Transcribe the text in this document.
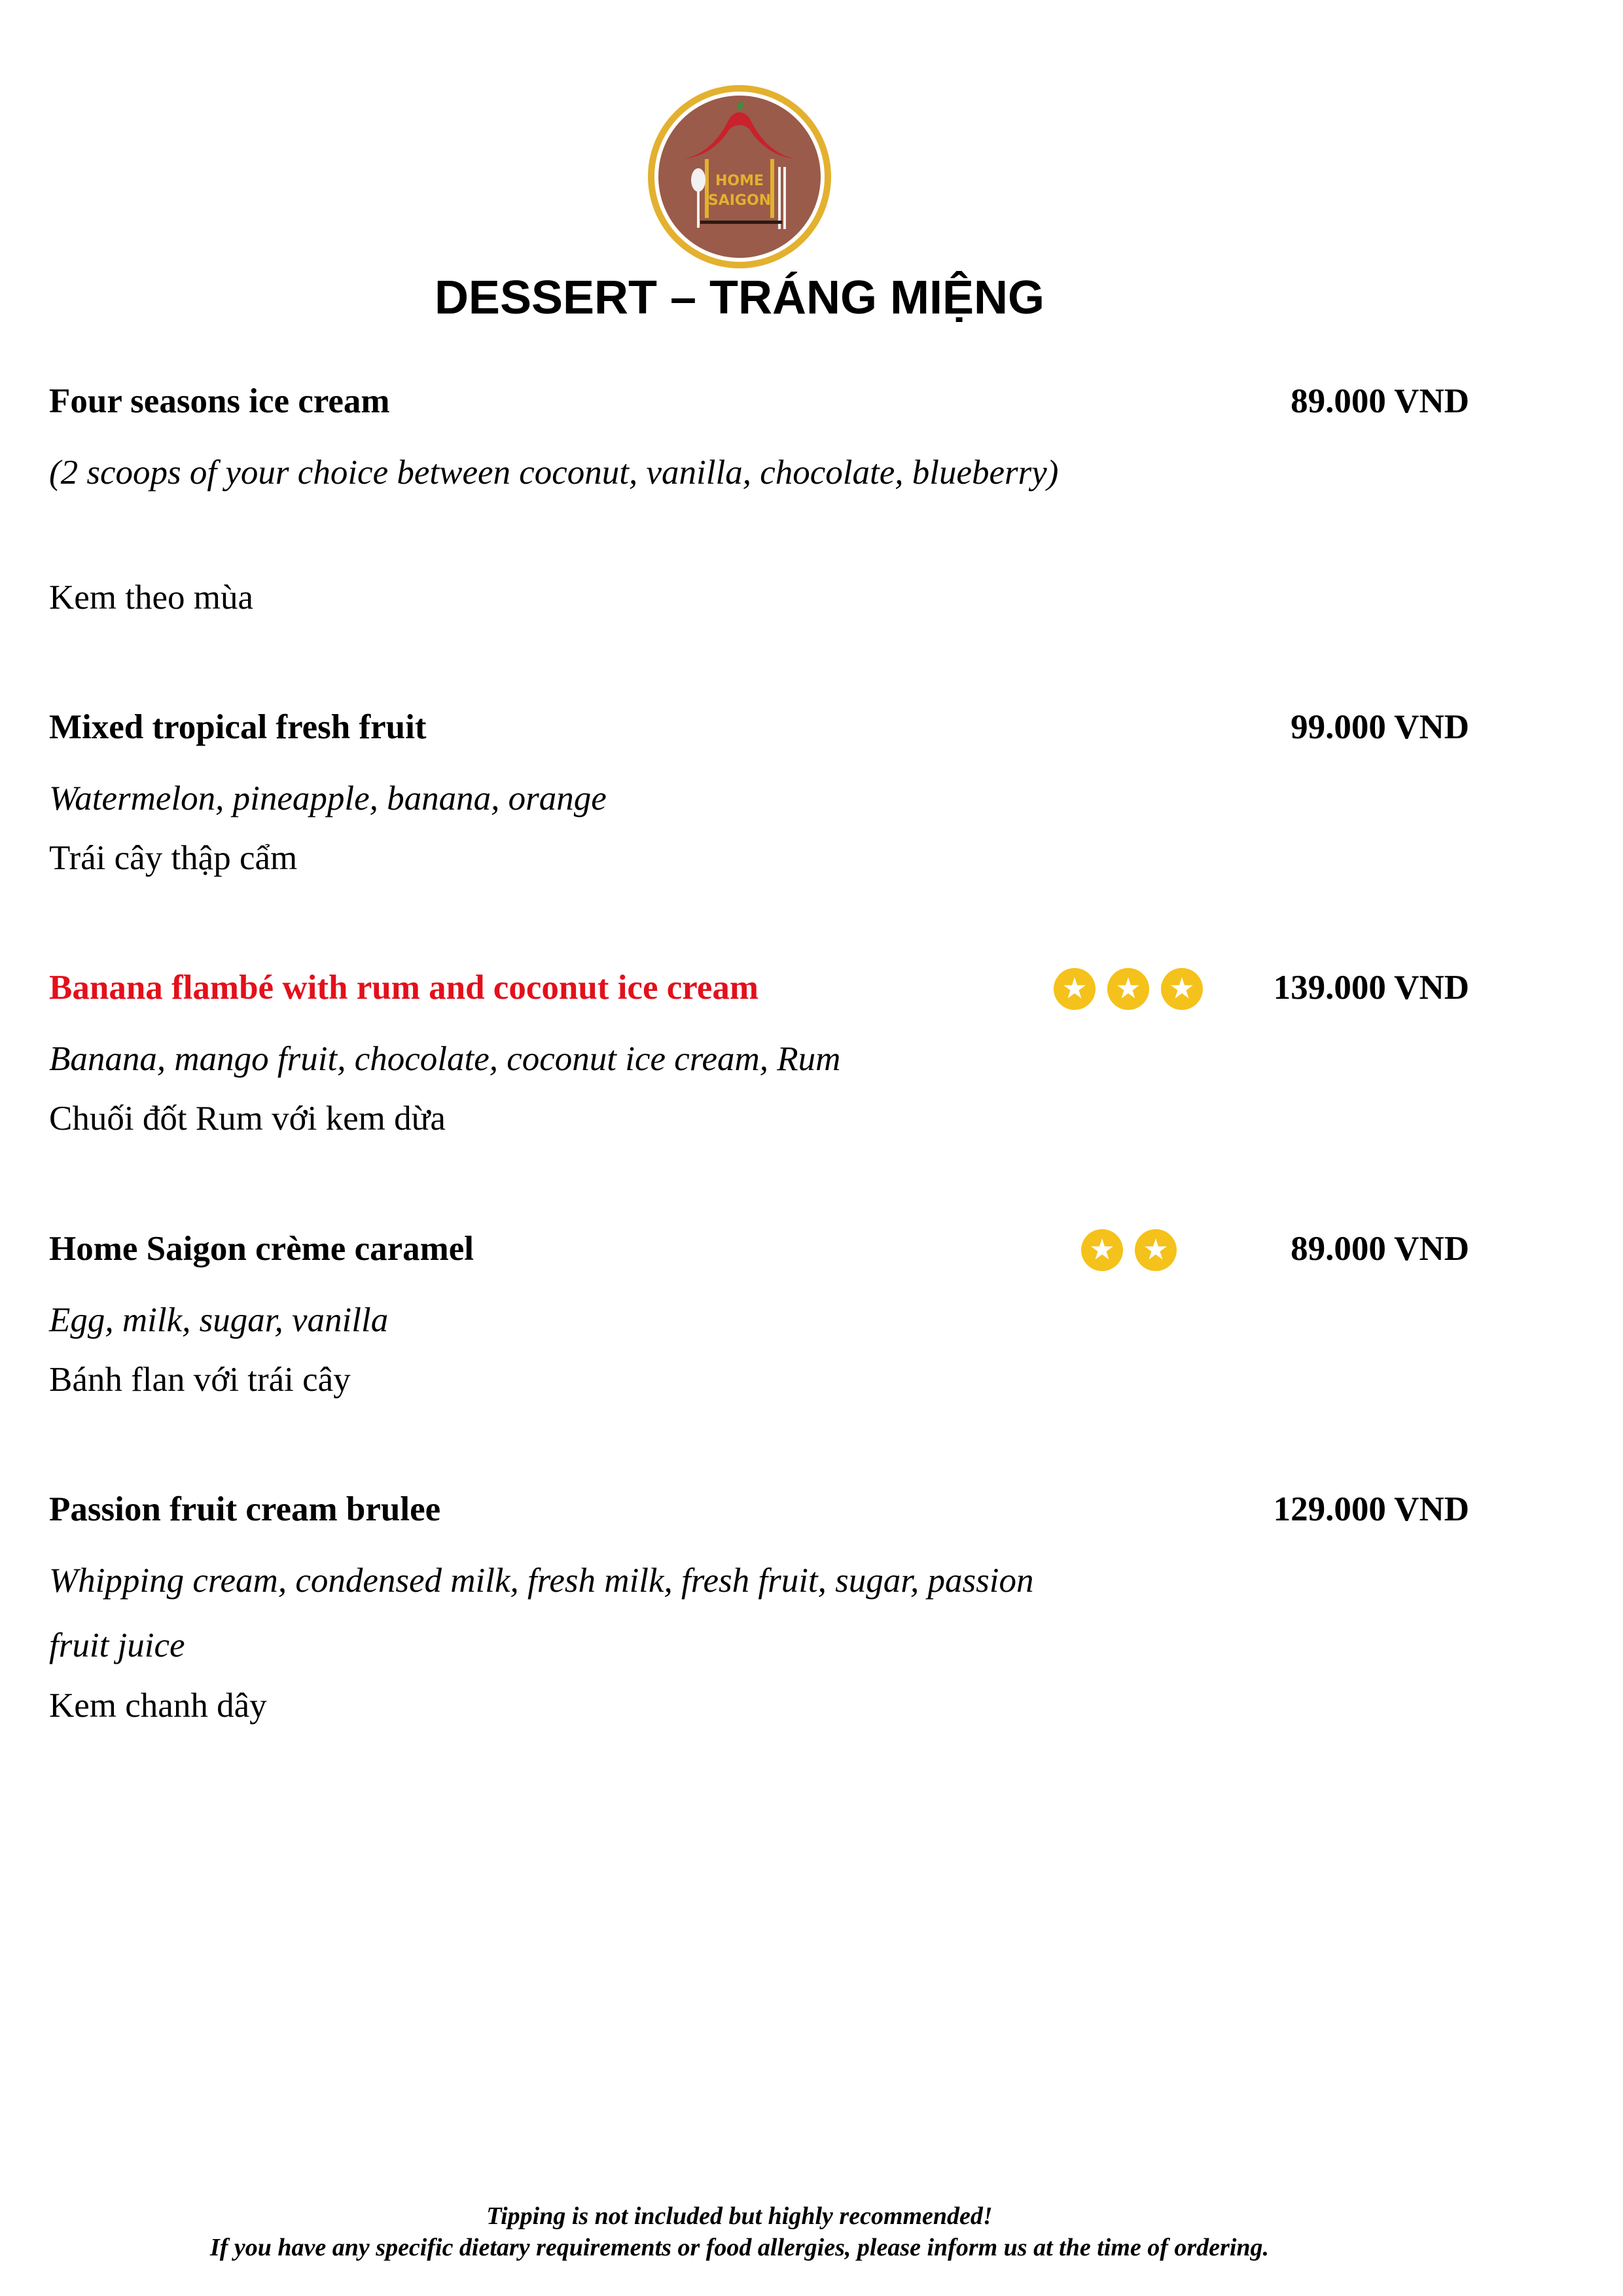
HOME
SAIGON
DESSERT – TRÁNG MIỆNG
Four seasons ice cream	89.000 VND
(2 scoops of your choice between coconut, vanilla, chocolate, blueberry)
Kem theo mùa
Mixed tropical fresh fruit	99.000 VND
Watermelon, pineapple, banana, orange
Trái cây thập cẩm
Banana flambé with rum and coconut ice cream	★ ★ ★ 139.000 VND
Banana, mango fruit, chocolate, coconut ice cream, Rum
Chuối đốt Rum với kem dừa
Home Saigon crème caramel	★ ★	89.000 VND
Egg, milk, sugar, vanilla
Bánh flan với trái cây
Passion fruit cream brulee	129.000 VND
Whipping cream, condensed milk, fresh milk, fresh fruit, sugar, passion fruit juice
Kem chanh dây
Tipping is not included but highly recommended!
If you have any specific dietary requirements or food allergies, please inform us at the time of ordering.
